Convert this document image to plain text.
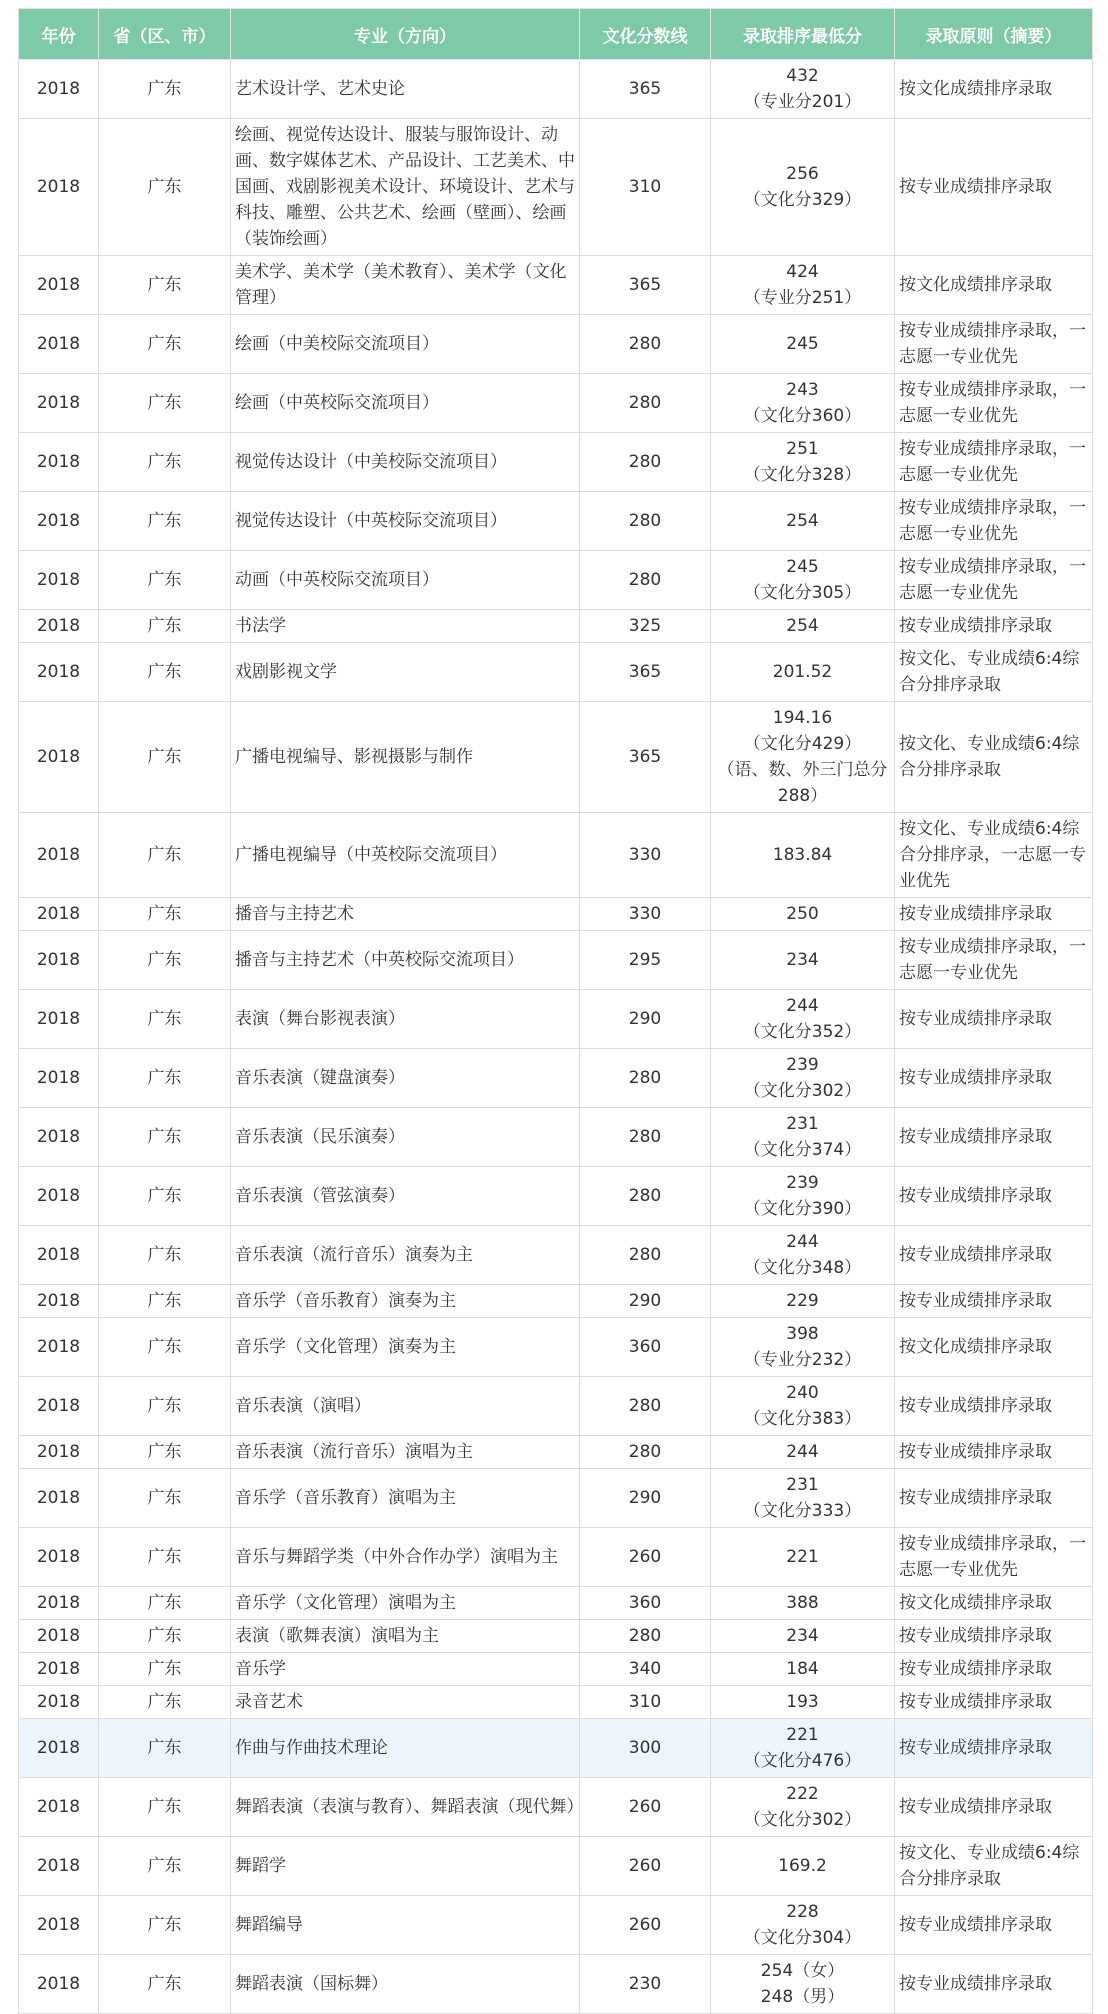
年份	省（区、市）	专业（方向）	文化分数线	录取排序最低分	录取原则（摘要）
2018	广东	艺术设计学、艺术史论	365	432
（专业分201）	按文化成绩排序录取
2018	广东	绘画、视觉传达设计、服装与服饰设计、动画、数字媒体艺术、产品设计、工艺美术、中国画、戏剧影视美术设计、环境设计、艺术与科技、雕塑、公共艺术、绘画（壁画）、绘画（装饰绘画）	310	256
（文化分329）	按专业成绩排序录取
2018	广东	美术学、美术学（美术教育）、美术学（文化管理）	365	424
（专业分251）	按文化成绩排序录取
2018	广东	绘画（中美校际交流项目）	280	245	按专业成绩排序录取，一志愿一专业优先
2018	广东	绘画（中英校际交流项目）	280	243
（文化分360）	按专业成绩排序录取，一志愿一专业优先
2018	广东	视觉传达设计（中美校际交流项目）	280	251
（文化分328）	按专业成绩排序录取，一志愿一专业优先
2018	广东	视觉传达设计（中英校际交流项目）	280	254	按专业成绩排序录取，一志愿一专业优先
2018	广东	动画（中英校际交流项目）	280	245
（文化分305）	按专业成绩排序录取，一志愿一专业优先
2018	广东	书法学	325	254	按专业成绩排序录取
2018	广东	戏剧影视文学	365	201.52	按文化、专业成绩6:4综合分排序录取
2018	广东	广播电视编导、影视摄影与制作	365	194.16
（文化分429）
（语、数、外三门总分288）	按文化、专业成绩6:4综合分排序录取
2018	广东	广播电视编导（中英校际交流项目）	330	183.84	按文化、专业成绩6:4综合分排序录，一志愿一专业优先
2018	广东	播音与主持艺术	330	250	按专业成绩排序录取
2018	广东	播音与主持艺术（中英校际交流项目）	295	234	按专业成绩排序录取，一志愿一专业优先
2018	广东	表演（舞台影视表演）	290	244
（文化分352）	按专业成绩排序录取
2018	广东	音乐表演（键盘演奏）	280	239
（文化分302）	按专业成绩排序录取
2018	广东	音乐表演（民乐演奏）	280	231
（文化分374）	按专业成绩排序录取
2018	广东	音乐表演（管弦演奏）	280	239
（文化分390）	按专业成绩排序录取
2018	广东	音乐表演（流行音乐）演奏为主	280	244
（文化分348）	按专业成绩排序录取
2018	广东	音乐学（音乐教育）演奏为主	290	229	按专业成绩排序录取
2018	广东	音乐学（文化管理）演奏为主	360	398
（专业分232）	按文化成绩排序录取
2018	广东	音乐表演（演唱）	280	240
（文化分383）	按专业成绩排序录取
2018	广东	音乐表演（流行音乐）演唱为主	280	244	按专业成绩排序录取
2018	广东	音乐学（音乐教育）演唱为主	290	231
（文化分333）	按专业成绩排序录取
2018	广东	音乐与舞蹈学类（中外合作办学）演唱为主	260	221	按专业成绩排序录取，一志愿一专业优先
2018	广东	音乐学（文化管理）演唱为主	360	388	按文化成绩排序录取
2018	广东	表演（歌舞表演）演唱为主	280	234	按专业成绩排序录取
2018	广东	音乐学	340	184	按专业成绩排序录取
2018	广东	录音艺术	310	193	按专业成绩排序录取
2018	广东	作曲与作曲技术理论	300	221
（文化分476）	按专业成绩排序录取
2018	广东	舞蹈表演（表演与教育）、舞蹈表演（现代舞）	260	222
（文化分302）	按专业成绩排序录取
2018	广东	舞蹈学	260	169.2	按文化、专业成绩6:4综合分排序录取
2018	广东	舞蹈编导	260	228
（文化分304）	按专业成绩排序录取
2018	广东	舞蹈表演（国标舞）	230	254（女）
248（男）	按专业成绩排序录取
